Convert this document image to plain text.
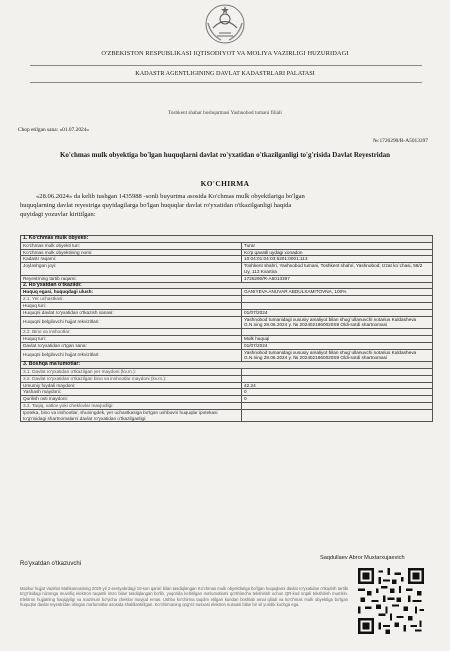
O'ZBEKISTON RESPUBLIKASI IQTISODIYOT VA MOLIYA VAZIRLIGI HUZURIDAGI
KADASTR AGENTLIGINING DAVLAT KADASTRLARI PALATASI
Toshkent shahar boshqarmasi Yashnobod tumani filiali
Chop etilgan sana: «01.07.2024»
№:1726290/R-A5013397
Ko'chmas mulk obyektiga bo'lgan huquqlarni davlat ro'yxatidan o'tkazilganligi to'g'risida Davlat Reyestridan
KO'CHIRMA
«28.06.2024» da kelib tushgan 1435988 -sonli buyurtma asosida Ko'chmas mulk obyektlariga bo'lgan
huquqlarning davlat reyestriga quyidagilarga bo'lgan huquqlar davlat ro'yxatidan o'tkazilganligi haqida
quyidagi yozuvlar kiritilgan:
1. Ko'chmas mulk obyekti:	
Ko'chmas mulk obyekti turi:	Turar
Ko'chmas mulk obyektining nomi:	Ko'p qavatli uydagi xonadon
Kadastr raqami:	10:04:01:04:03:5201:0001:113
Joylashgan joyi:	Toshkent shahri, Yashnobod tumani, Toshkent shahri, Yashnobod, Izzat ko`chasi, 58/2 Uy, 113 Kvartira
Reyestrning tartib raqami:	1726290/R-A5013397
2. Ro'yxatdan o'tkazildi:	
Huquq egasi, huquqdagi ulush:	GANIYEVA ANUVAR ABDULXAMITOVNA, 100%
2.1. Yer uchastkasi:	
Huquq turi:	
Huquqni davlat ro'yxatidan o'tkazish sanasi:	01/07/2024
Huquqni belgilovchi hujjat rekvizitlari:	Yashnobod tumanidagi xususiy amaliyot bilan shug`ullanuvchi notarius Kuldasheva G.N.ning 28.06.2024 y. № 2024021860020S9 Oldi-sotdi shartnomasi
2.2. Bino va inshootlar:	
Huquq turi:	Mulk huquqi
Davlat ro'yxatidan o'tgan sana:	01/07/2024
Huquqni belgilovchi hujjat rekvizitlari:	Yashnobod tumanidagi xususiy amaliyot bilan shug`ullanuvchi notarius Kuldasheva G.N.ning 28.06.2024 y. № 2024021860020S9 Oldi-sotdi shartnomasi
3. Boshqa ma'lumotlar:	
3.1. Davlat ro'yxatidan o'tkazilgan yer maydoni (kv.m.):	
3.2. Davlat ro'yxatidan o'tkazilgan bino va inshootlar maydoni (kv.m.):	
Umumiy foydali maydoni:	42.24
Yashash maydoni:	0
Qurilish osti maydoni:	0
3.3. Taqiq, xatlov yoki cheklovlar mavjudligi:	
Ipoteka, bino va inshootlar, shuningdek, yer uchastkasiga bo'lgan ushbuvni huquqlar ipotekasi to'g'risidagi shartnomalarni davlat ro'yxatidan o'tkazilganligi:	
Ro'yxatdan o'tkazuvchi
Saqdullaev Abror Muxtarxujaevich
Mazkur hujjat Vazirlar Mahkamasining 2020-yil 2-sentyabrdagi 10-son qarori bilan tasdiqlangan Ko'chmas mulk obyektlariga bo'lgan huquqlarni davlat ro'yxatidan o'tkazish tartibi to'g'risidagi nizomga muvofiq elektron raqamli imzo bilan tasdiqlangan bo'lib, yuqorida keltirilgan ma'lumotlarni qo'shimcha tekshirish uchun QR-kod orqali tekshirish mumkin. Elektron hujjatning haqiqiyligi va mazmuni bo'yicha cheklov mavjud emas. Ushbu ko'chirma taqdim etilgan kundan boshlab amal qiladi va ko'chmas mulk obyektiga bo'lgan huquqlar davlat reyestridan olingan ma'lumotlar asosida shakllantirilgan. Ko'chirmaning qog'oz nusxasi elektron nusxasi bilan bir xil yuridik kuchga ega.
